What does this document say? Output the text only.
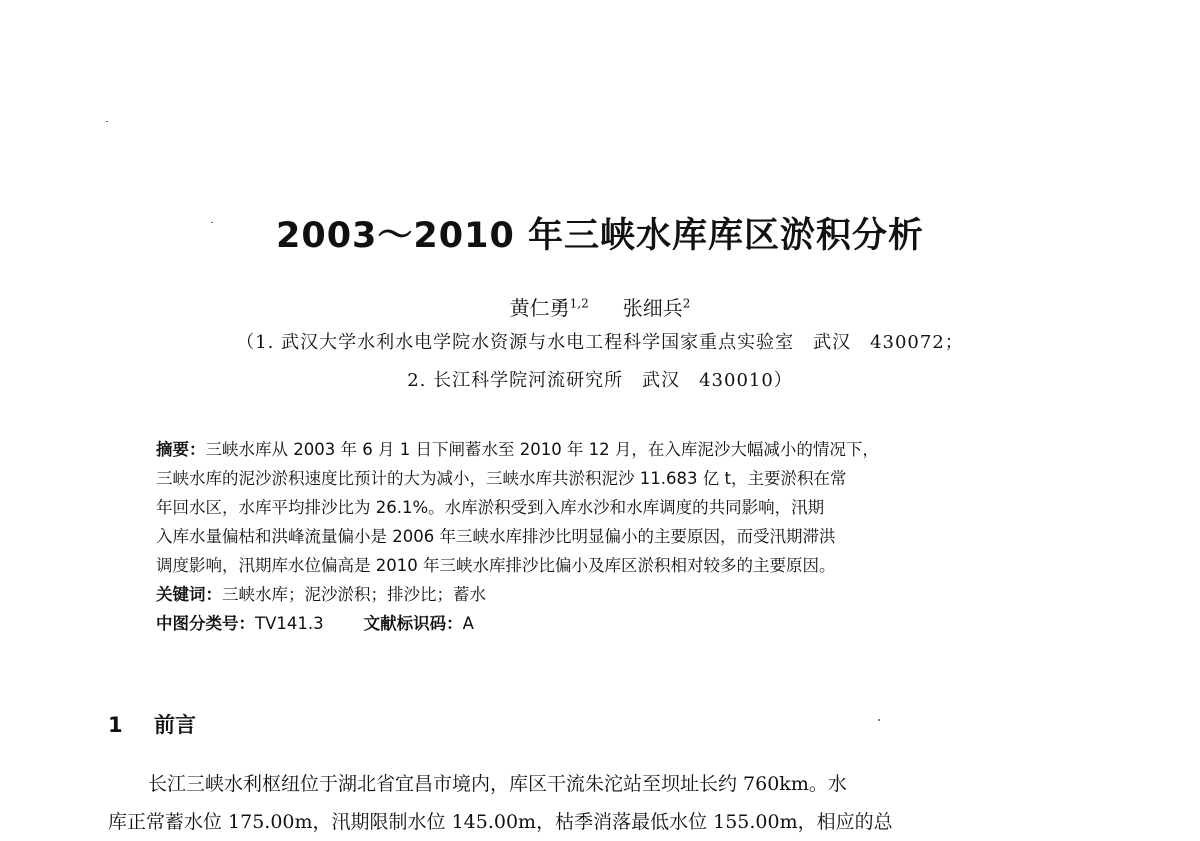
2003～2010 年三峡水库库区淤积分析
黄仁勇$^{1,2}$ 张细兵$^2$
（1. 武汉大学水利水电学院水资源与水电工程科学国家重点实验室　武汉　430072；
2. 长江科学院河流研究所　武汉　430010）
摘要：三峡水库从 2003 年 6 月 1 日下闸蓄水至 2010 年 12 月，在入库泥沙大幅减小的情况下，
三峡水库的泥沙淤积速度比预计的大为减小，三峡水库共淤积泥沙 11.683 亿 t，主要淤积在常
年回水区，水库平均排沙比为 26.1%。水库淤积受到入库水沙和水库调度的共同影响，汛期
入库水量偏枯和洪峰流量偏小是 2006 年三峡水库排沙比明显偏小的主要原因，而受汛期滞洪
调度影响，汛期库水位偏高是 2010 年三峡水库排沙比偏小及库区淤积相对较多的主要原因。
关键词：三峡水库；泥沙淤积；排沙比；蓄水
中图分类号：TV141.3 文献标识码：A
1 前言
长江三峡水利枢纽位于湖北省宜昌市境内，库区干流朱沱站至坝址长约 760km。水
库正常蓄水位 175.00m，汛期限制水位 145.00m，枯季消落最低水位 155.00m，相应的总
